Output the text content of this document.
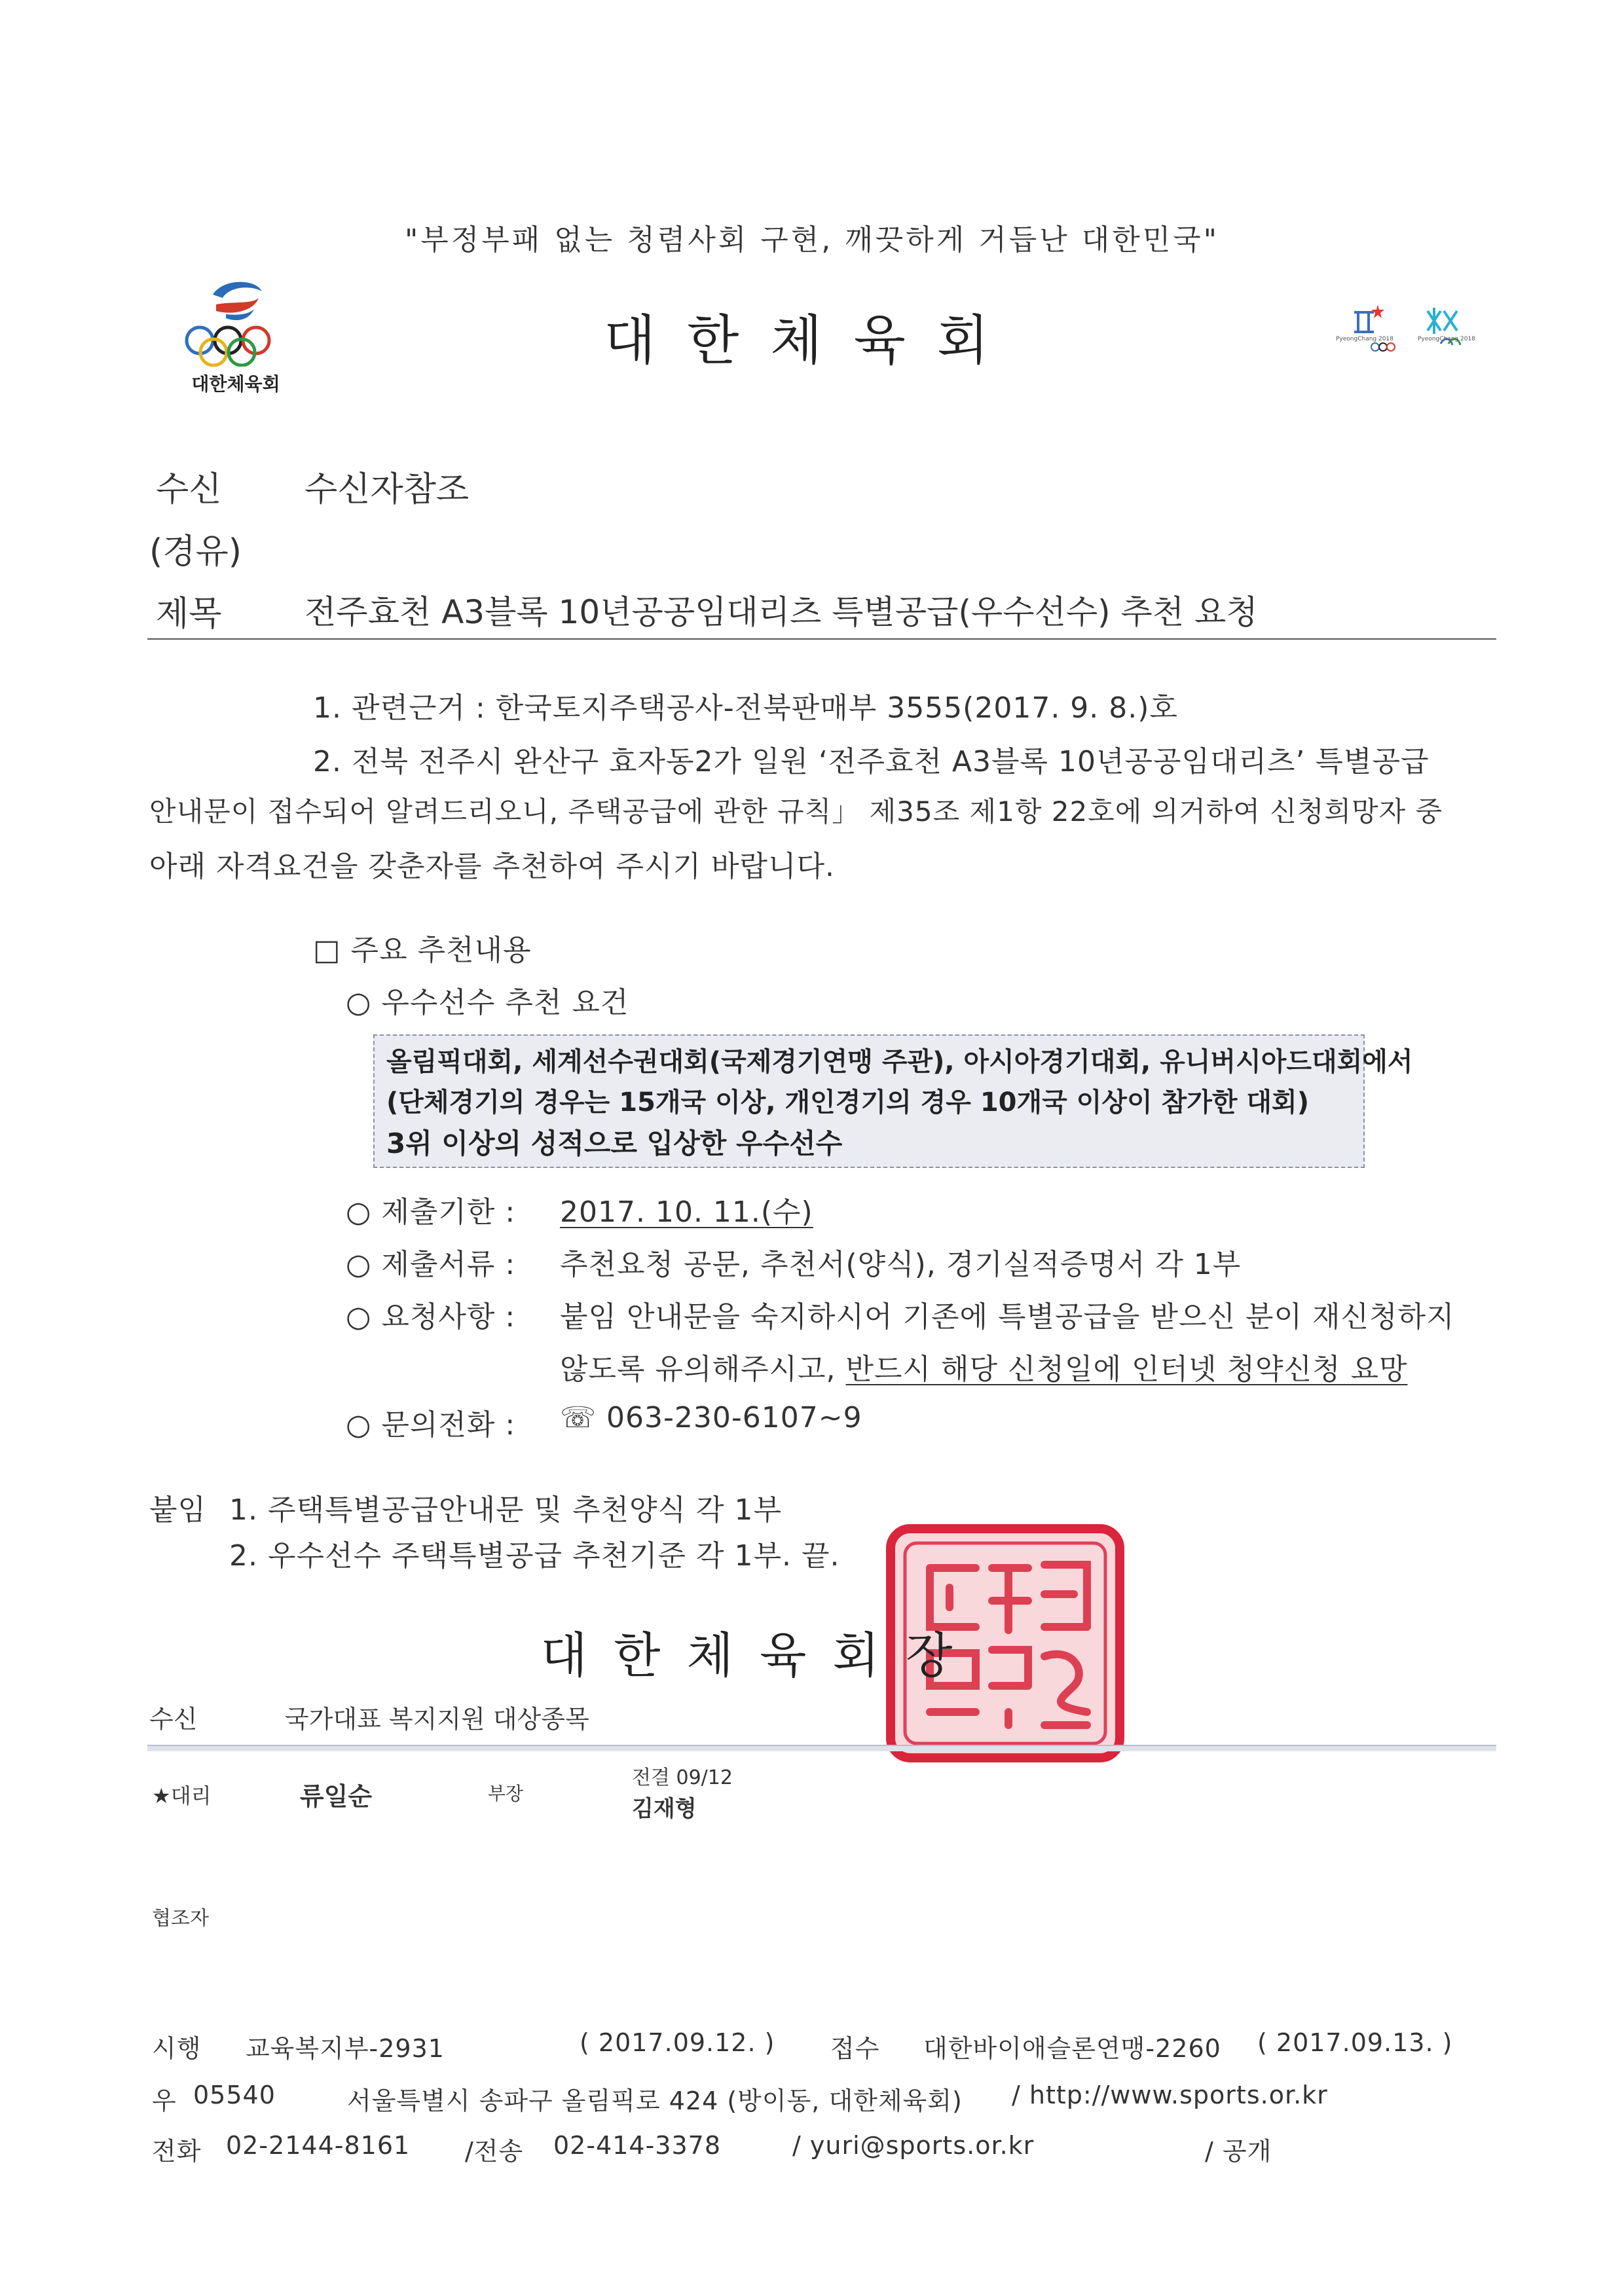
"부정부패 없는 청렴사회 구현, 깨끗하게 거듭난 대한민국"
대한체육회
대한체육회	PyeongChang 2018	PyeongChang 2018
수신 수신자참조
(경유)
제목	전주효천 A3블록 10년공공임대리츠 특별공급(우수선수) 추천 요청
1. 관련근거 : 한국토지주택공사-전북판매부 3555(2017. 9. 8.)호
2. 전북 전주시 완산구 효자동2가 일원 ‘전주효천 A3블록 10년공공임대리츠’ 특별공급
안내문이 접수되어 알려드리오니, 주택공급에 관한 규칙」 제35조 제1항 22호에 의거하여 신청희망자 중
아래 자격요건을 갖춘자를 추천하여 주시기 바랍니다.
□ 주요 추천내용
○ 우수선수 추천 요건
올림픽대회, 세계선수권대회(국제경기연맹 주관), 아시아경기대회, 유니버시아드대회에서
(단체경기의 경우는 15개국 이상, 개인경기의 경우 10개국 이상이 참가한 대회)
3위 이상의 성적으로 입상한 우수선수
○ 제출기한 : 2017. 10. 11.(수)
○ 제출서류 : 추천요청 공문, 추천서(양식), 경기실적증명서 각 1부
○ 요청사항 : 붙임 안내문을 숙지하시어 기존에 특별공급을 받으신 분이 재신청하지
않도록 유의해주시고, 반드시 해당 신청일에 인터넷 청약신청 요망
○ 문의전화 : ☏ 063-230-6107~9
붙임 1. 주택특별공급안내문 및 추천양식 각 1부
2. 우수선수 주택특별공급 추천기준 각 1부. 끝.
대한체육회장
수신	국가대표 복지지원 대상종목
★대리	류일순	부장
전결 09/12
김재형
협조자
시행 교육복지부-2931	( 2017.09.12. ) 접수 대한바이애슬론연맹-2260 ( 2017.09.13. )
우 05540	서울특별시 송파구 올림픽로 424 (방이동, 대한체육회) / http://www.sports.or.kr
전화 02-2144-8161 /전송 02-414-3378	/ yuri@sports.or.kr	/ 공개
